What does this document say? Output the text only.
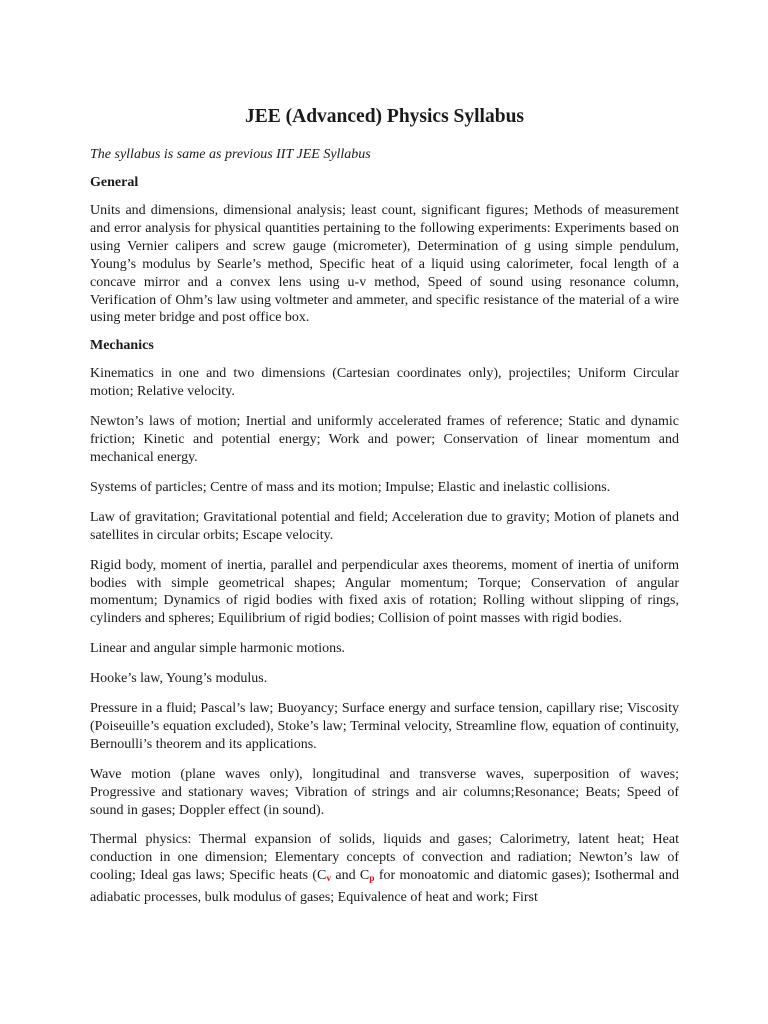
JEE (Advanced) Physics Syllabus
The syllabus is same as previous IIT JEE Syllabus
General

Units and dimensions, dimensional analysis; least count, significant figures; Methods of measurement and error analysis for physical quantities pertaining to the following experiments: Experiments based on using Vernier calipers and screw gauge (micrometer), Determination of g using simple pendulum, Young’s modulus by Searle’s method, Specific heat of a liquid using calorimeter, focal length of a concave mirror and a convex lens using u-v method, Speed of sound using resonance column, Verification of Ohm’s law using voltmeter and ammeter, and specific resistance of the material of a wire using meter bridge and post office box.

Mechanics

Kinematics in one and two dimensions (Cartesian coordinates only), projectiles; Uniform Circular motion; Relative velocity.

Newton’s laws of motion; Inertial and uniformly accelerated frames of reference; Static and dynamic friction; Kinetic and potential energy; Work and power; Conservation of linear momentum and mechanical energy.

Systems of particles; Centre of mass and its motion; Impulse; Elastic and inelastic collisions.

Law of gravitation; Gravitational potential and field; Acceleration due to gravity; Motion of planets and satellites in circular orbits; Escape velocity.

Rigid body, moment of inertia, parallel and perpendicular axes theorems, moment of inertia of uniform bodies with simple geometrical shapes; Angular momentum; Torque; Conservation of angular momentum; Dynamics of rigid bodies with fixed axis of rotation; Rolling without slipping of rings, cylinders and spheres; Equilibrium of rigid bodies; Collision of point masses with rigid bodies.

Linear and angular simple harmonic motions.

Hooke’s law, Young’s modulus.

Pressure in a fluid; Pascal’s law; Buoyancy; Surface energy and surface tension, capillary rise; Viscosity (Poiseuille’s equation excluded), Stoke’s law; Terminal velocity, Streamline flow, equation of continuity, Bernoulli’s theorem and its applications.

Wave motion (plane waves only), longitudinal and transverse waves, superposition of waves; Progressive and stationary waves; Vibration of strings and air columns;Resonance; Beats; Speed of sound in gases; Doppler effect (in sound).

Thermal physics: Thermal expansion of solids, liquids and gases; Calorimetry, latent heat; Heat conduction in one dimension; Elementary concepts of convection and radiation; Newton’s law of cooling; Ideal gas laws; Specific heats ($C_v$ and $C_p$ for monoatomic and diatomic gases); Isothermal and adiabatic processes, bulk modulus of gases; Equivalence of heat and work; First
